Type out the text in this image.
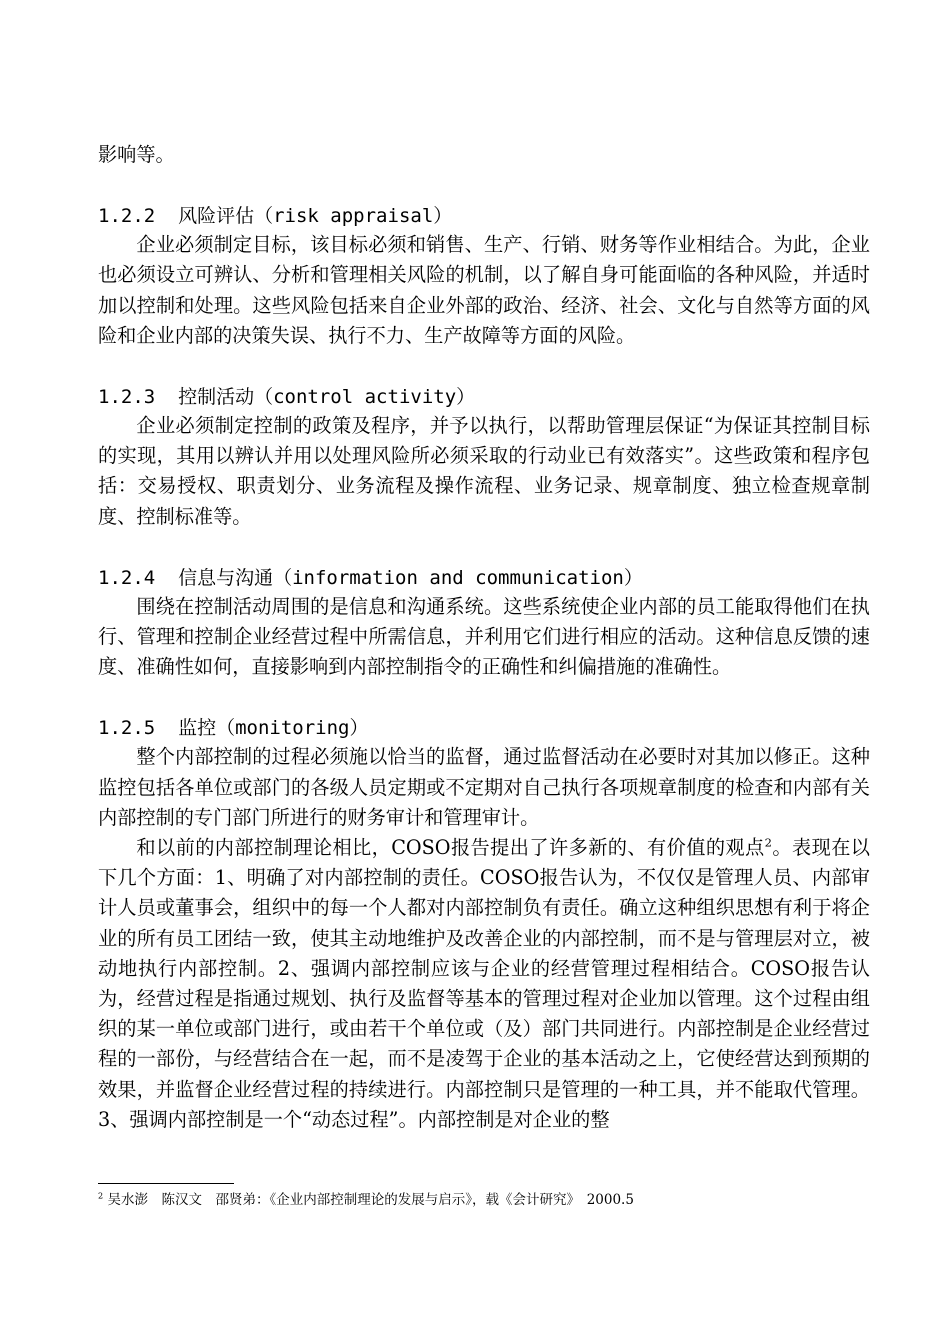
影响等。

1.2.2 风险评估（risk appraisal）

企业必须制定目标，该目标必须和销售、生产、行销、财务等作业相结合。为此，企业也必须设立可辨认、分析和管理相关风险的机制，以了解自身可能面临的各种风险，并适时加以控制和处理。这些风险包括来自企业外部的政治、经济、社会、文化与自然等方面的风险和企业内部的决策失误、执行不力、生产故障等方面的风险。

1.2.3 控制活动（control activity）

企业必须制定控制的政策及程序，并予以执行，以帮助管理层保证“为保证其控制目标的实现，其用以辨认并用以处理风险所必须采取的行动业已有效落实”。这些政策和程序包括：交易授权、职责划分、业务流程及操作流程、业务记录、规章制度、独立检查规章制度、控制标准等。

1.2.4 信息与沟通（information and communication）

围绕在控制活动周围的是信息和沟通系统。这些系统使企业内部的员工能取得他们在执行、管理和控制企业经营过程中所需信息，并利用它们进行相应的活动。这种信息反馈的速度、准确性如何，直接影响到内部控制指令的正确性和纠偏措施的准确性。

1.2.5 监控（monitoring）

整个内部控制的过程必须施以恰当的监督，通过监督活动在必要时对其加以修正。这种监控包括各单位或部门的各级人员定期或不定期对自己执行各项规章制度的检查和内部有关内部控制的专门部门所进行的财务审计和管理审计。

和以前的内部控制理论相比，COSO报告提出了许多新的、有价值的观点$^2$。表现在以下几个方面：1、明确了对内部控制的责任。COSO报告认为，不仅仅是管理人员、内部审计人员或董事会，组织中的每一个人都对内部控制负有责任。确立这种组织思想有利于将企业的所有员工团结一致，使其主动地维护及改善企业的内部控制，而不是与管理层对立，被动地执行内部控制。2、强调内部控制应该与企业的经营管理过程相结合。COSO报告认为，经营过程是指通过规划、执行及监督等基本的管理过程对企业加以管理。这个过程由组织的某一单位或部门进行，或由若干个单位或（及）部门共同进行。内部控制是企业经营过程的一部份，与经营结合在一起，而不是凌驾于企业的基本活动之上，它使经营达到预期的效果，并监督企业经营过程的持续进行。内部控制只是管理的一种工具，并不能取代管理。3、强调内部控制是一个“动态过程”。内部控制是对企业的整

$^2$ 吴水澎　陈汉文　邵贤弟：《企业内部控制理论的发展与启示》，载《会计研究》　2000.5
